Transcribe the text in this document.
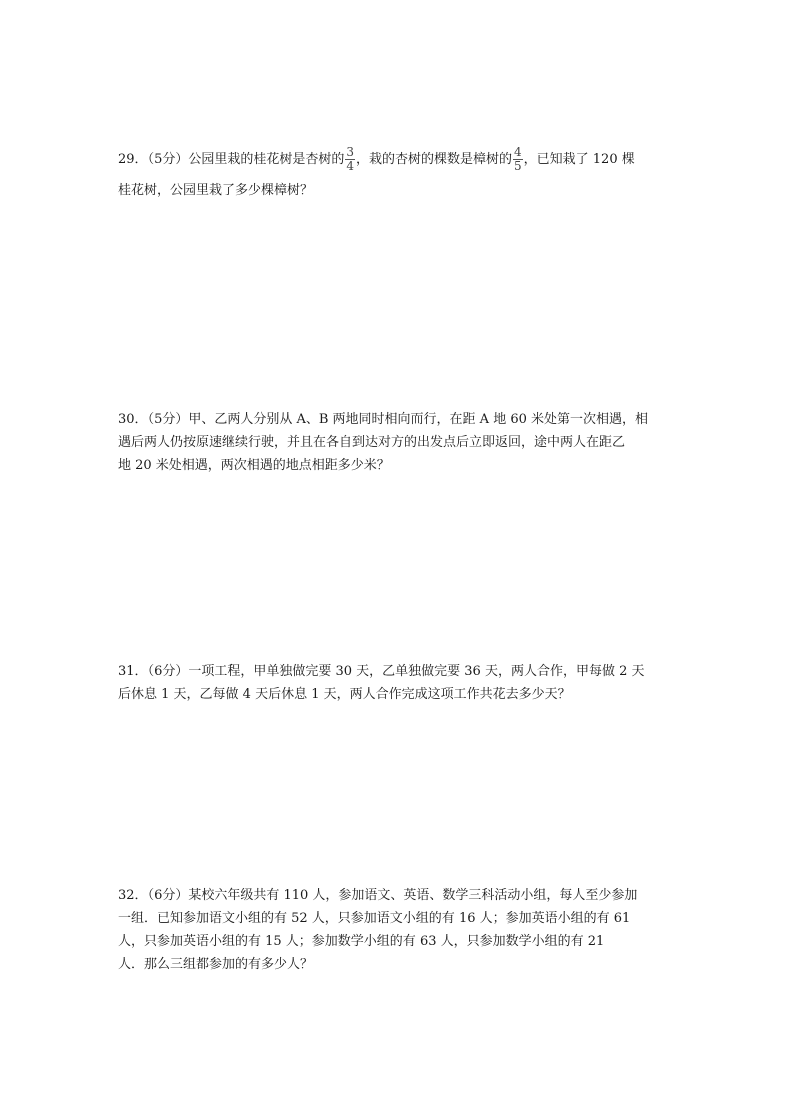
29．（5分）公园里栽的桂花树是杏树的 $\frac{3}{4}$ ，栽的杏树的棵数是樟树的 $\frac{4}{5}$ ，已知栽了 120 棵

桂花树，公园里栽了多少棵樟树？

30．（5分）甲、乙两人分别从 A、B 两地同时相向而行，在距 A 地 60 米处第一次相遇，相

遇后两人仍按原速继续行驶，并且在各自到达对方的出发点后立即返回，途中两人在距乙

地 20 米处相遇，两次相遇的地点相距多少米？

31．（6分）一项工程，甲单独做完要 30 天，乙单独做完要 36 天，两人合作，甲每做 2 天

后休息 1 天，乙每做 4 天后休息 1 天，两人合作完成这项工作共花去多少天？

32．（6分）某校六年级共有 110 人，参加语文、英语、数学三科活动小组，每人至少参加

一组．已知参加语文小组的有 52 人，只参加语文小组的有 16 人；参加英语小组的有 61

人，只参加英语小组的有 15 人；参加数学小组的有 63 人，只参加数学小组的有 21

人．那么三组都参加的有多少人？
